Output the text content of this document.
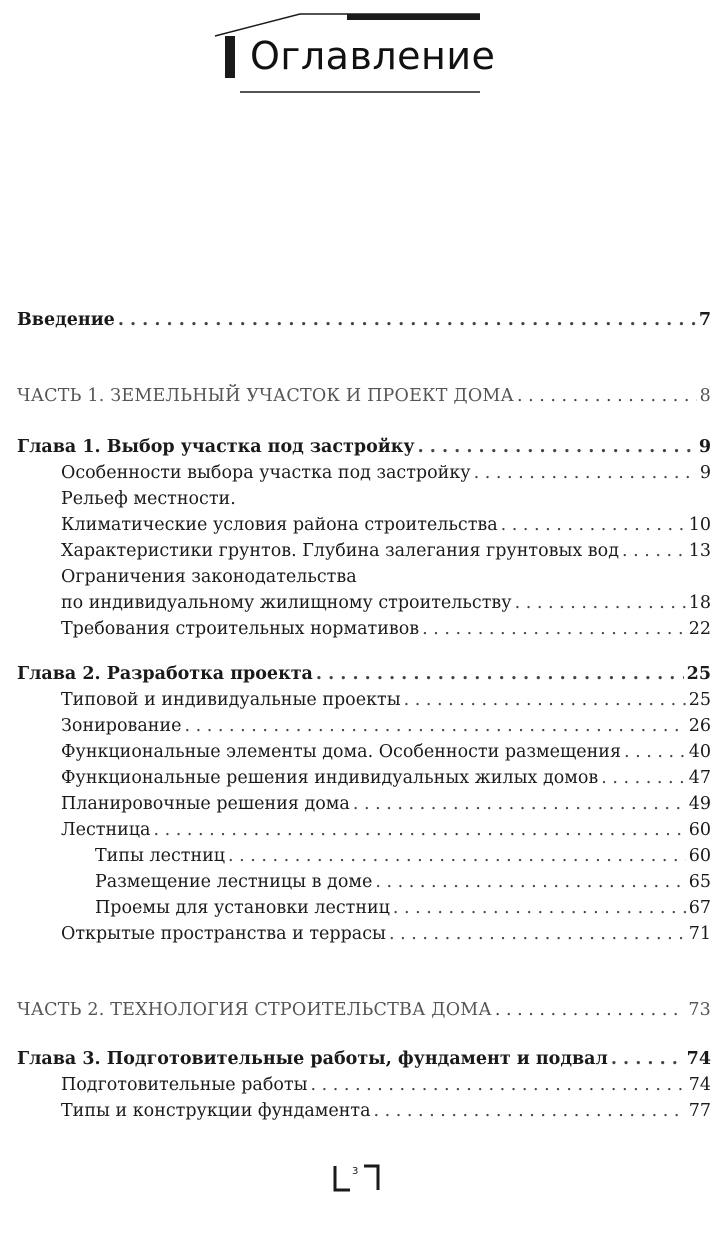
Оглавление
Введение . . .	7
ЧАСТЬ 1. ЗЕМЕЛЬНЫЙ УЧАСТОК И ПРОЕКТ ДОМА . . .	8
Глава 1. Выбор участка под застройку . . .	9
Особенности выбора участка под застройку . . .	9
Рельеф местности.
Климатические условия района строительства . . .	10
Характеристики грунтов. Глубина залегания грунтовых вод . . .	13
Ограничения законодательства
по индивидуальному жилищному строительству . . .	18
Требования строительных нормативов . . .	22
Глава 2. Разработка проекта . . .	25
Типовой и индивидуальные проекты . . .	25
Зонирование . . .	26
Функциональные элементы дома. Особенности размещения . . .	40
Функциональные решения индивидуальных жилых домов . . .	47
Планировочные решения дома . . .	49
Лестница . . .	60
Типы лестниц . . .	60
Размещение лестницы в доме . . .	65
Проемы для установки лестниц . . .	67
Открытые пространства и террасы . . .	71
ЧАСТЬ 2. ТЕХНОЛОГИЯ СТРОИТЕЛЬСТВА ДОМА . . .	73
Глава 3. Подготовительные работы, фундамент и подвал . . .	74
Подготовительные работы . . .	74
Типы и конструкции фундамента . . .	77
3
